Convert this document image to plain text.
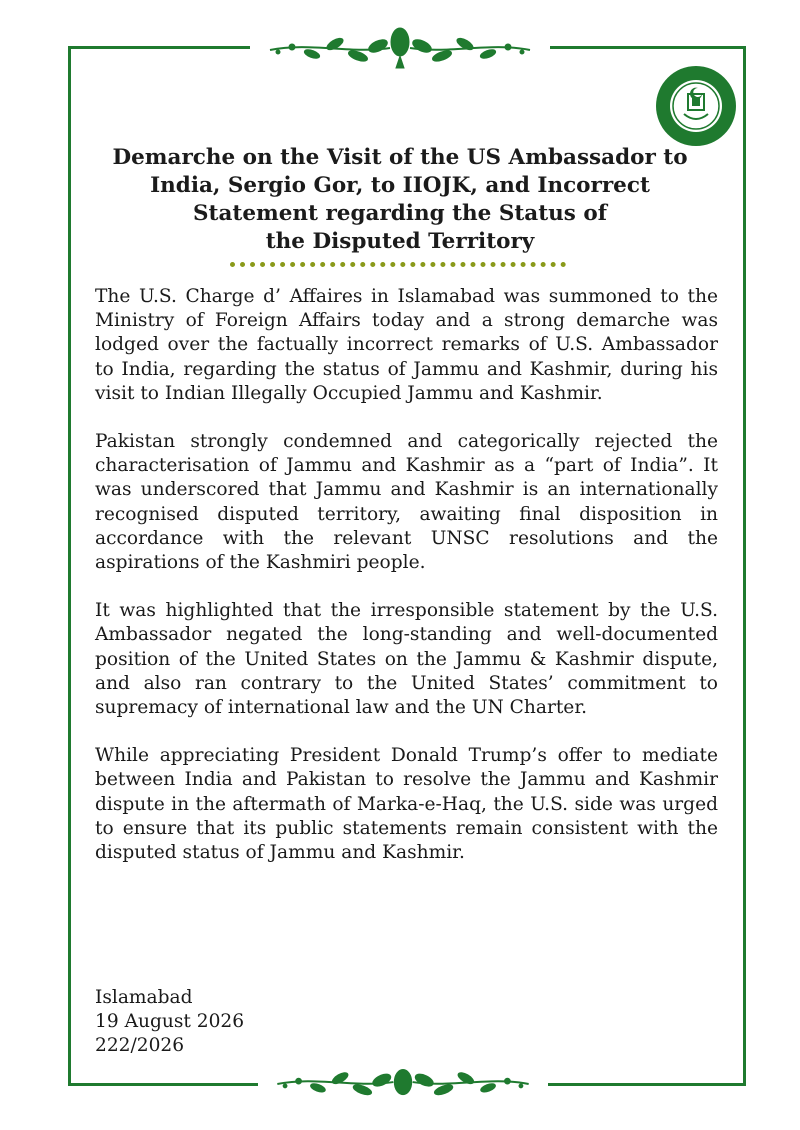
Demarche on the Visit of the US Ambassador to
India, Sergio Gor, to IIOJK, and Incorrect
Statement regarding the Status of
the Disputed Territory

The U.S. Charge d’ Affaires in Islamabad was summoned to the Ministry of Foreign Affairs today and a strong demarche was lodged over the factually incorrect remarks of U.S. Ambassador to India, regarding the status of Jammu and Kashmir, during his visit to Indian Illegally Occupied Jammu and Kashmir.

Pakistan strongly condemned and categorically rejected the characterisation of Jammu and Kashmir as a “part of India”. It was underscored that Jammu and Kashmir is an internationally recognised disputed territory, awaiting final disposition in accordance with the relevant UNSC resolutions and the aspirations of the Kashmiri people.

It was highlighted that the irresponsible statement by the U.S. Ambassador negated the long-standing and well-documented position of the United States on the Jammu & Kashmir dispute, and also ran contrary to the United States’ commitment to supremacy of international law and the UN Charter.

While appreciating President Donald Trump’s offer to mediate between India and Pakistan to resolve the Jammu and Kashmir dispute in the aftermath of Marka-e-Haq, the U.S. side was urged to ensure that its public statements remain consistent with the disputed status of Jammu and Kashmir.

Islamabad
19 August 2026
222/2026
